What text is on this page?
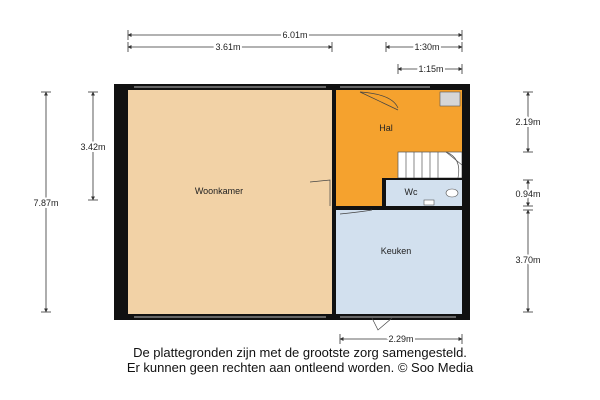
Woonkamer
Hal
Wc
Keuken
6.01m
3.61m	1:30m
1:15m
7.87m
3.42m
2.19m
0.94m
3.70m
2.29m
De plattegronden zijn met de grootste zorg samengesteld.
Er kunnen geen rechten aan ontleend worden. © Soo Media
